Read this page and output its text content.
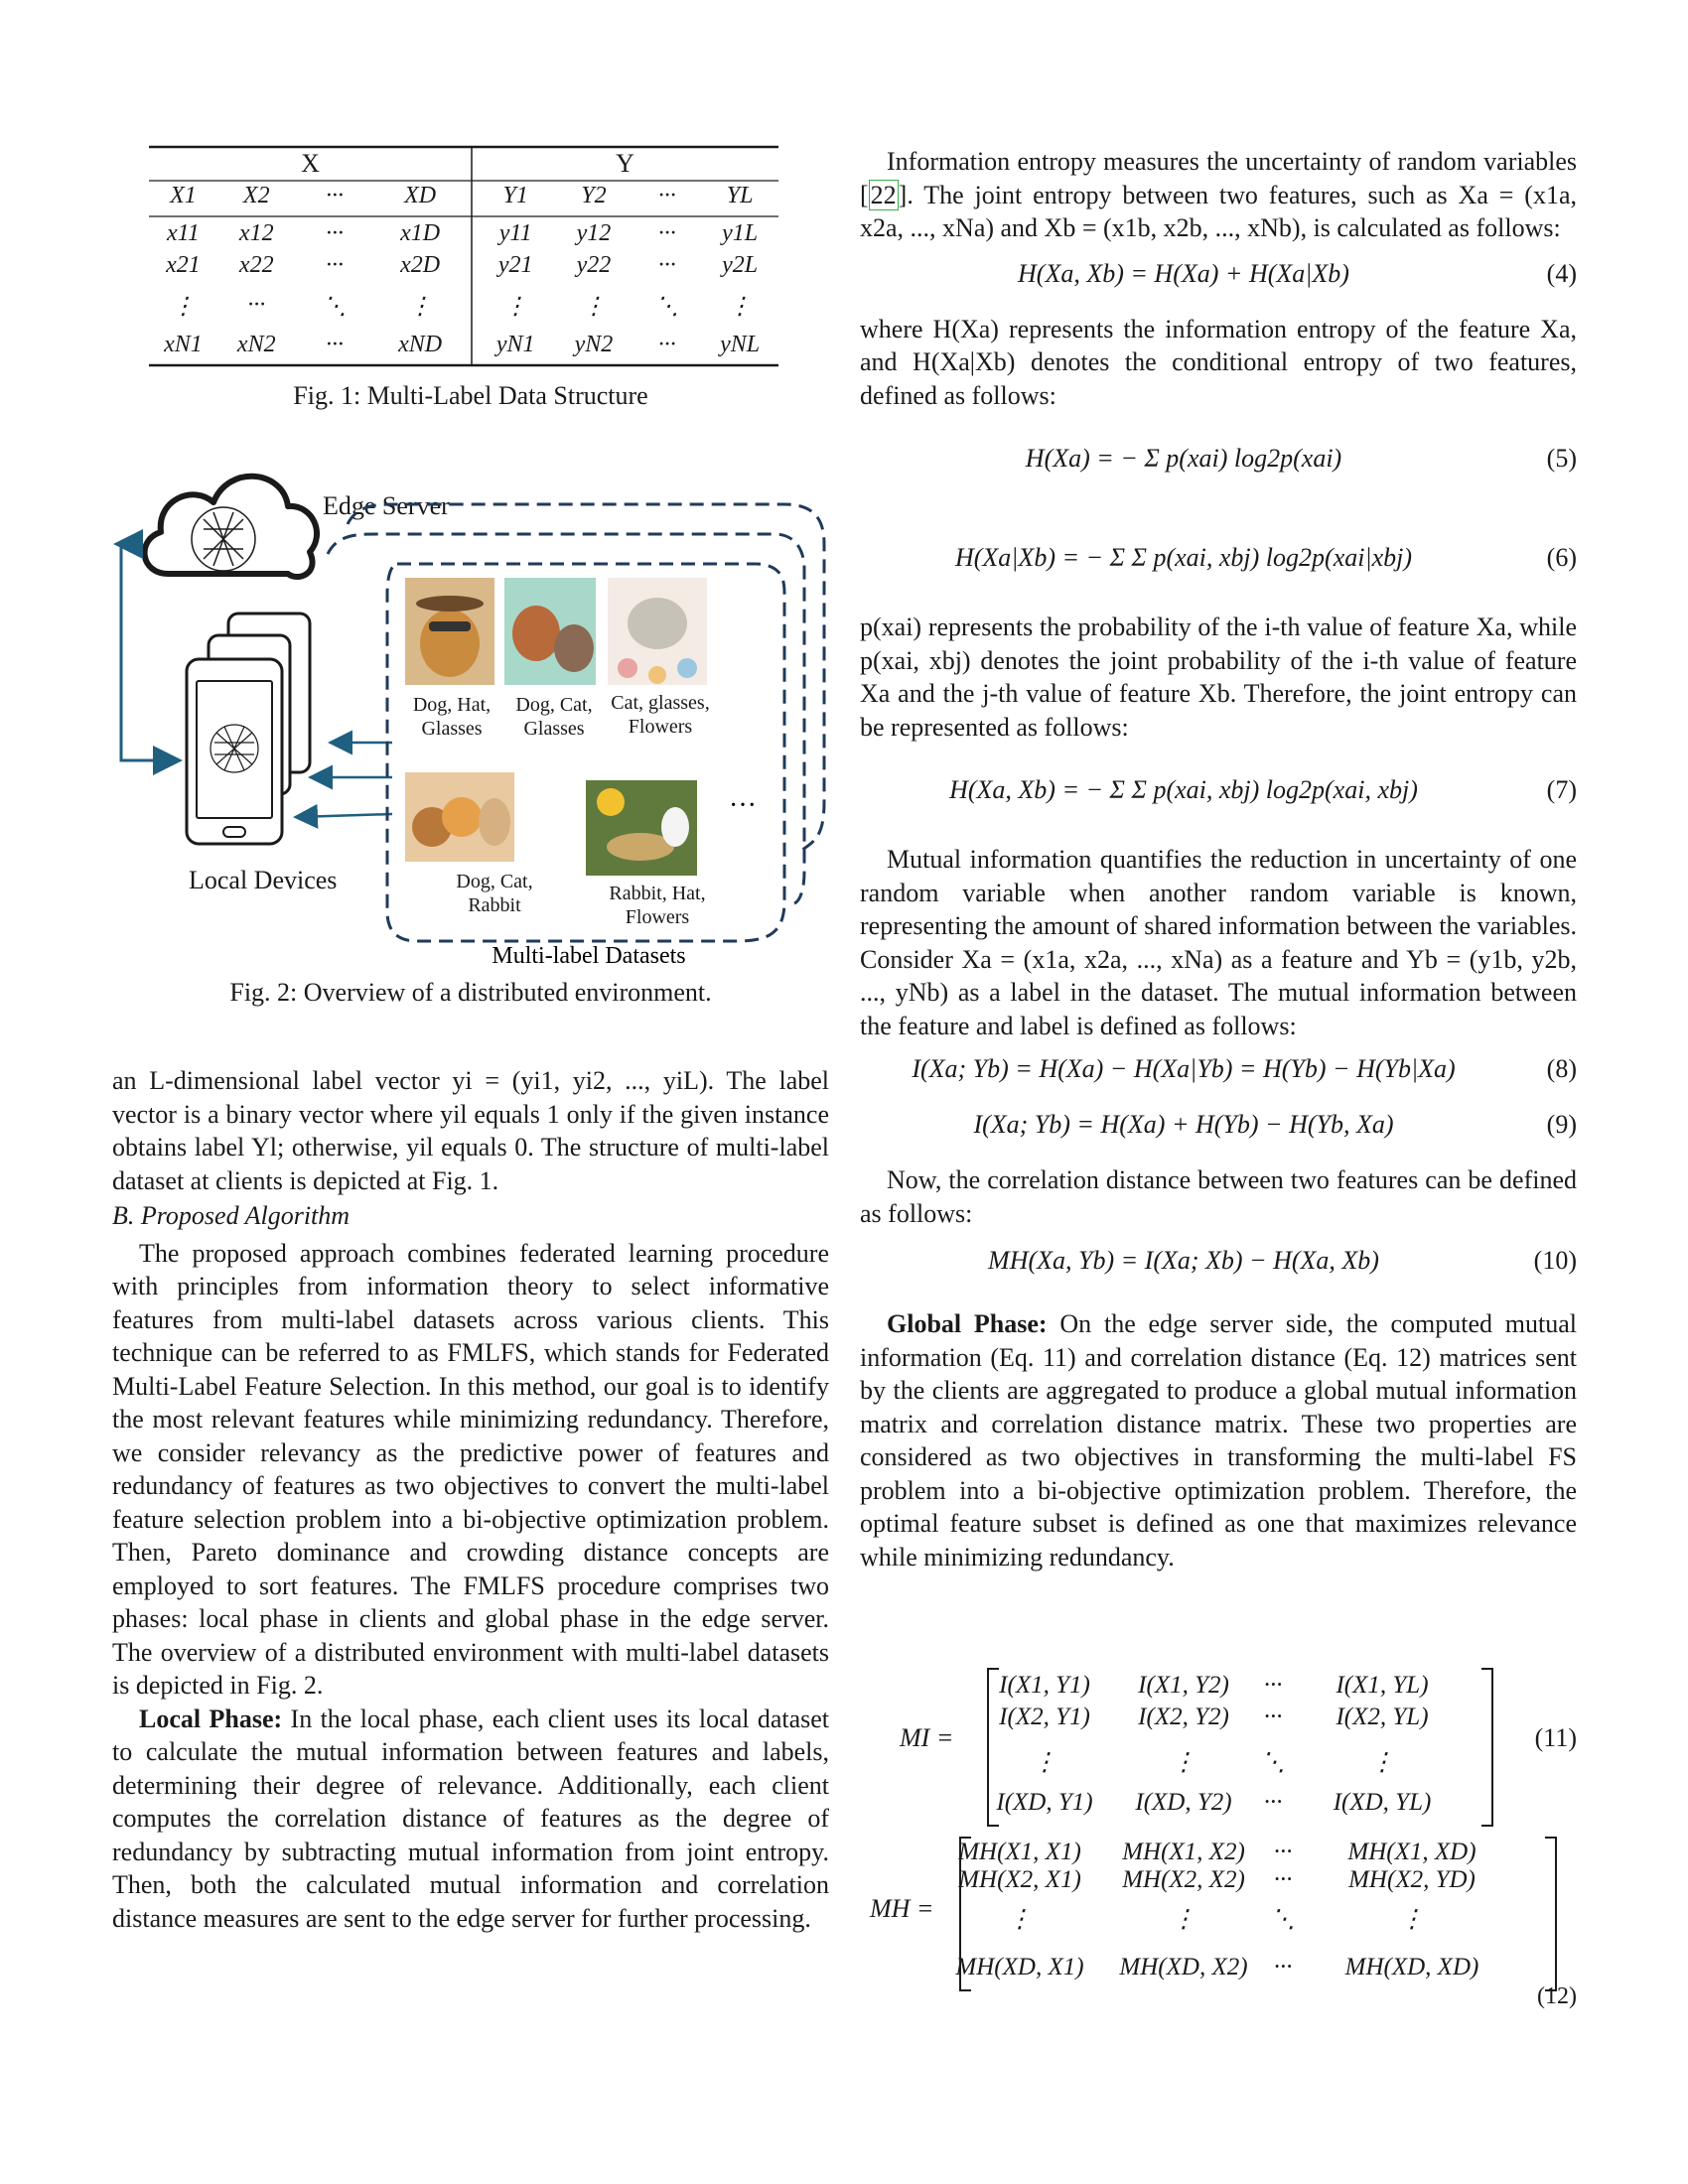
X	Y
X1	X2	···	XD	Y1	Y2	···	YL
x11	x12	···	x1D	y11	y12	···	y1L
x21	x22	···	x2D	y21	y22	···	y2L
⋮	···	⋱	⋮	⋮	⋮	⋱	⋮
xN1	xN2	···	xND	yN1	yN2	···	yNL
Fig. 1: Multi-Label Data Structure
Edge Server
Local Devices
Dog, Hat,
Glasses
Dog, Cat,
Glasses
Cat, glasses,
Flowers
Dog, Cat,
Rabbit
Rabbit, Hat,
Flowers
···
Multi-label Datasets
Fig. 2: Overview of a distributed environment.

an L-dimensional label vector yi = (yi1, yi2, ..., yiL). The label vector is a binary vector where yil equals 1 only if the given instance obtains label Yl; otherwise, yil equals 0. The structure of multi-label dataset at clients is depicted at Fig. 1.

B. Proposed Algorithm

The proposed approach combines federated learning procedure with principles from information theory to select informative features from multi-label datasets across various clients. This technique can be referred to as FMLFS, which stands for Federated Multi-Label Feature Selection. In this method, our goal is to identify the most relevant features while minimizing redundancy. Therefore, we consider relevancy as the predictive power of features and redundancy of features as two objectives to convert the multi-label feature selection problem into a bi-objective optimization problem. Then, Pareto dominance and crowding distance concepts are employed to sort features. The FMLFS procedure comprises two phases: local phase in clients and global phase in the edge server. The overview of a distributed environment with multi-label datasets is depicted in Fig. 2.

Local Phase: In the local phase, each client uses its local dataset to calculate the mutual information between features and labels, determining their degree of relevance. Additionally, each client computes the correlation distance of features as the degree of redundancy by subtracting mutual information from joint entropy. Then, both the calculated mutual information and correlation distance measures are sent to the edge server for further processing.

Information entropy measures the uncertainty of random variables [22]. The joint entropy between two features, such as Xa = (x1a, x2a, ..., xNa) and Xb = (x1b, x2b, ..., xNb), is calculated as follows:

H(Xa, Xb) = H(Xa) + H(Xa|Xb)	(4)

where H(Xa) represents the information entropy of the feature Xa, and H(Xa|Xb) denotes the conditional entropy of two features, defined as follows:

H(Xa) = − Σ p(xai) log2p(xai)	(5)
H(Xa|Xb) = − Σ Σ p(xai, xbj) log2p(xai|xbj)	(6)

p(xai) represents the probability of the i-th value of feature Xa, while p(xai, xbj) denotes the joint probability of the i-th value of feature Xa and the j-th value of feature Xb. Therefore, the joint entropy can be represented as follows:

H(Xa, Xb) = − Σ Σ p(xai, xbj) log2p(xai, xbj)	(7)

Mutual information quantifies the reduction in uncertainty of one random variable when another random variable is known, representing the amount of shared information between the variables. Consider Xa = (x1a, x2a, ..., xNa) as a feature and Yb = (y1b, y2b, ..., yNb) as a label in the dataset. The mutual information between the feature and label is defined as follows:

I(Xa; Yb) = H(Xa) − H(Xa|Yb) = H(Yb) − H(Yb|Xa)	(8)
I(Xa; Yb) = H(Xa) + H(Yb) − H(Yb, Xa)	(9)

Now, the correlation distance between two features can be defined as follows:

MH(Xa, Yb) = I(Xa; Xb) − H(Xa, Xb)	(10)

Global Phase: On the edge server side, the computed mutual information (Eq. 11) and correlation distance (Eq. 12) matrices sent by the clients are aggregated to produce a global mutual information matrix and correlation distance matrix. These two properties are considered as two objectives in transforming the multi-label FS problem into a bi-objective optimization problem. Therefore, the optimal feature subset is defined as one that maximizes relevance while minimizing redundancy.

MI =
I(X1, Y1)	I(X1, Y2)	···	I(X1, YL)
I(X2, Y1)	I(X2, Y2)	···	I(X2, YL)
⋮	⋮	⋱	⋮
I(XD, Y1)	I(XD, Y2)	···	I(XD, YL)
(11)
MH =
MH(X1, X1)	MH(X1, X2)	···	MH(X1, XD)
MH(X2, X1)	MH(X2, X2)	···	MH(X2, YD)
⋮	⋮	⋱	⋮
MH(XD, X1)	MH(XD, X2)	···	MH(XD, XD)
(12)
